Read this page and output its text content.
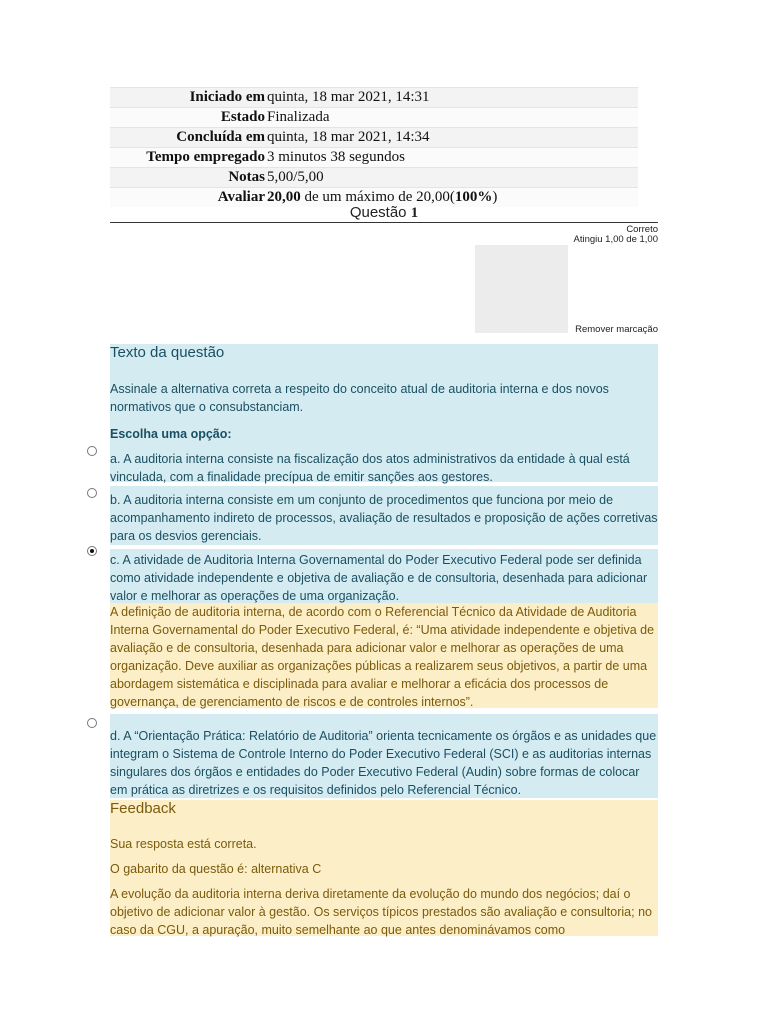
Iniciado em	quinta, 18 mar 2021, 14:31
Estado	Finalizada
Concluída em	quinta, 18 mar 2021, 14:34
Tempo empregado	3 minutos 38 segundos
Notas	5,00/5,00
Avaliar	20,00 de um máximo de 20,00(100%)
Questão 1
Correto
Atingiu 1,00 de 1,00
Remover marcação
Texto da questão
Assinale a alternativa correta a respeito do conceito atual de auditoria interna e dos novos normativos que o consubstanciam.
Escolha uma opção:
a. A auditoria interna consiste na fiscalização dos atos administrativos da entidade à qual está vinculada, com a finalidade precípua de emitir sanções aos gestores.
b. A auditoria interna consiste em um conjunto de procedimentos que funciona por meio de acompanhamento indireto de processos, avaliação de resultados e proposição de ações corretivas para os desvios gerenciais.
c. A atividade de Auditoria Interna Governamental do Poder Executivo Federal pode ser definida como atividade independente e objetiva de avaliação e de consultoria, desenhada para adicionar valor e melhorar as operações de uma organização.
A definição de auditoria interna, de acordo com o Referencial Técnico da Atividade de Auditoria Interna Governamental do Poder Executivo Federal, é: “Uma atividade independente e objetiva de avaliação e de consultoria, desenhada para adicionar valor e melhorar as operações de uma organização. Deve auxiliar as organizações públicas a realizarem seus objetivos, a partir de uma abordagem sistemática e disciplinada para avaliar e melhorar a eficácia dos processos de governança, de gerenciamento de riscos e de controles internos”.
d. A “Orientação Prática: Relatório de Auditoria” orienta tecnicamente os órgãos e as unidades que integram o Sistema de Controle Interno do Poder Executivo Federal (SCI) e as auditorias internas singulares dos órgãos e entidades do Poder Executivo Federal (Audin) sobre formas de colocar em prática as diretrizes e os requisitos definidos pelo Referencial Técnico.
Feedback
Sua resposta está correta.
O gabarito da questão é: alternativa C
A evolução da auditoria interna deriva diretamente da evolução do mundo dos negócios; daí o objetivo de adicionar valor à gestão. Os serviços típicos prestados são avaliação e consultoria; no caso da CGU, a apuração, muito semelhante ao que antes denominávamos como
